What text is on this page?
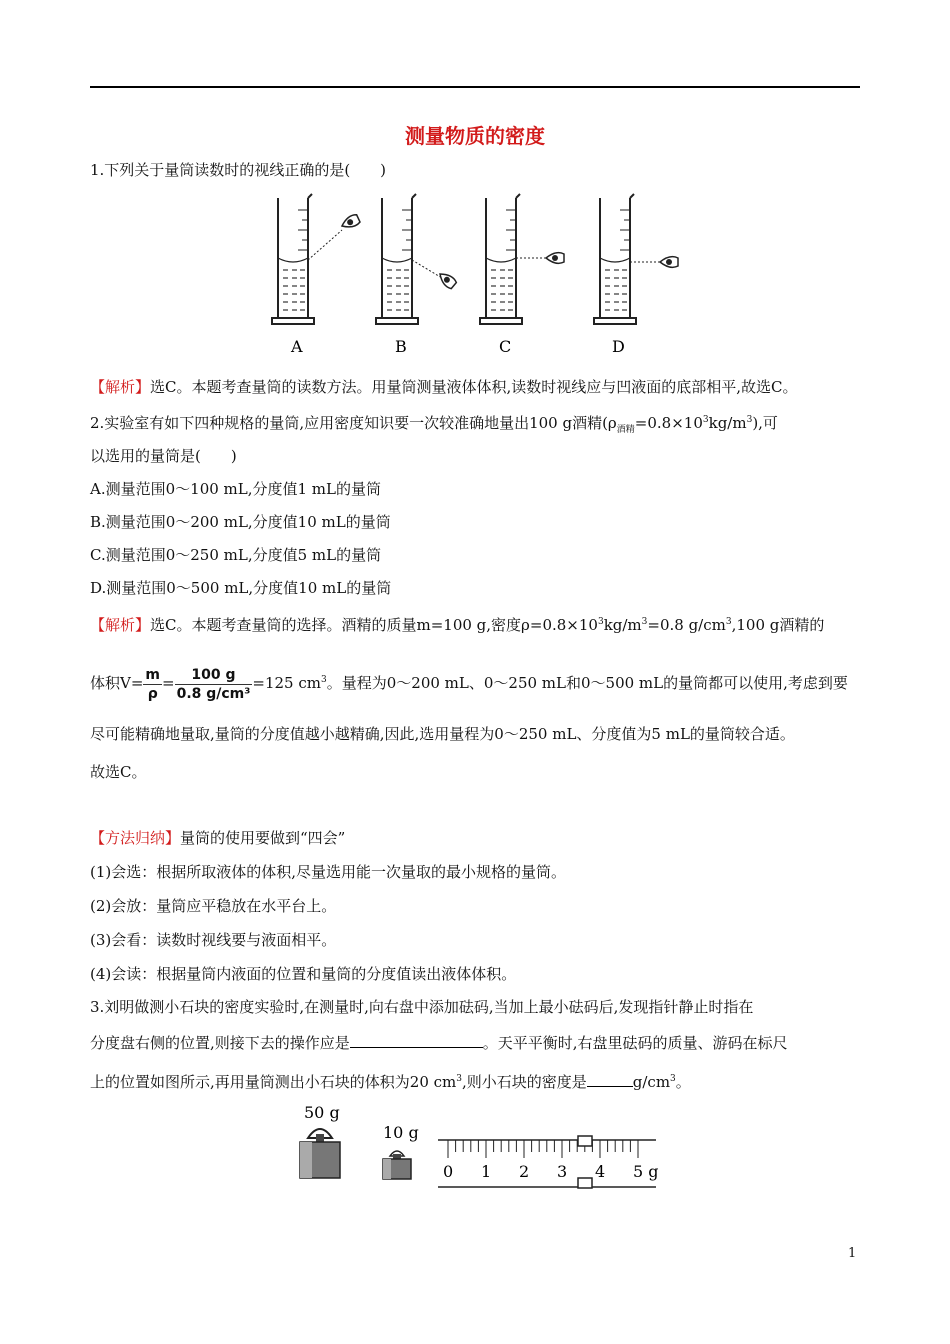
测量物质的密度
1.下列关于量筒读数时的视线正确的是(　　)
A	B	C	D
【解析】选C。本题考查量筒的读数方法。用量筒测量液体体积,读数时视线应与凹液面的底部相平,故选C。
2.实验室有如下四种规格的量筒,应用密度知识要一次较准确地量出100 g酒精$(\rho_{酒精}=0.8\times 10^3kg/m^3)$,可
以选用的量筒是(　　)
A.测量范围0～100 mL,分度值1 mL的量筒
B.测量范围0～200 mL,分度值10 mL的量筒
C.测量范围0～250 mL,分度值5 mL的量筒
D.测量范围0～500 mL,分度值10 mL的量筒
【解析】选C。本题考查量筒的选择。酒精的质量m=100 g,密度$\rho=0.8\times 10^3kg/m^3=0.8$ $g/cm^3,100$ g酒精的
体积$V= \frac{m}{\rho} = \frac{100 g}{\text{0.8 g/cm³}} =125$ $cm^3$。量程为0～200 mL、0～250 mL和0～500 mL的量筒都可以使用,考虑到要
尽可能精确地量取,量筒的分度值越小越精确,因此,选用量程为0～250 mL、分度值为5 mL的量筒较合适。
故选C。
【方法归纳】量筒的使用要做到“四会”
(1)会选：根据所取液体的体积,尽量选用能一次量取的最小规格的量筒。
(2)会放：量筒应平稳放在水平台上。
(3)会看：读数时视线要与液面相平。
(4)会读：根据量筒内液面的位置和量筒的分度值读出液体体积。
3.刘明做测小石块的密度实验时,在测量时,向右盘中添加砝码,当加上最小砝码后,发现指针静止时指在
分度盘右侧的位置,则接下去的操作应是	。天平平衡时,右盘里砝码的质量、游码在标尺
上的位置如图所示,再用量筒测出小石块的体积为20 $cm^3$,则小石块的密度是	$g/cm^3$。
50 g
10 g
0 1 2 3 4 5 g
1
